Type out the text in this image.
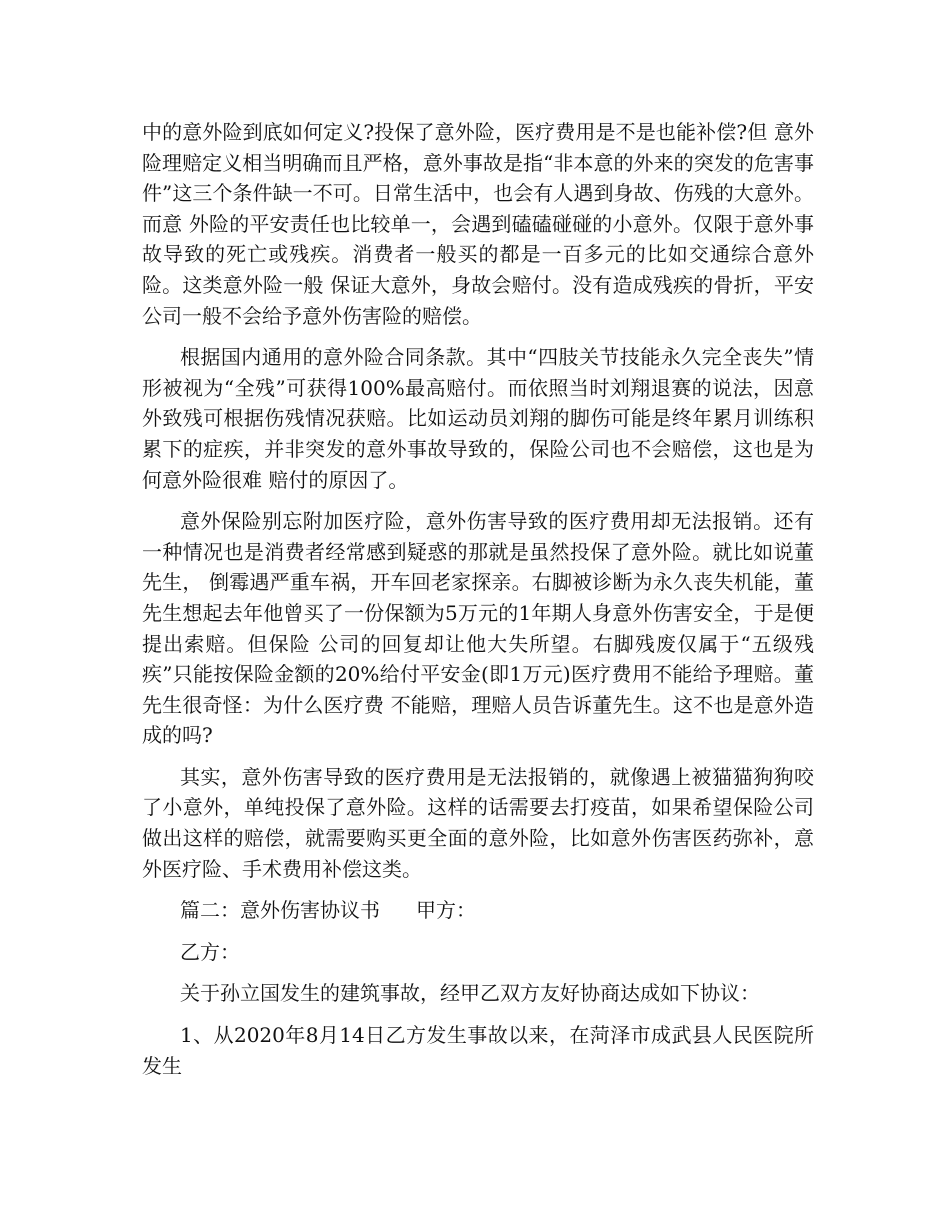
中的意外险到底如何定义?投保了意外险，医疗费用是不是也能补偿?但 意外险理赔定义相当明确而且严格，意外事故是指“非本意的外来的突发的危害事件”这三个条件缺一不可。日常生活中，也会有人遇到身故、伤残的大意外。而意 外险的平安责任也比较单一，会遇到磕磕碰碰的小意外。仅限于意外事故导致的死亡或残疾。消费者一般买的都是一百多元的比如交通综合意外险。这类意外险一般 保证大意外，身故会赔付。没有造成残疾的骨折，平安公司一般不会给予意外伤害险的赔偿。

根据国内通用的意外险合同条款。其中“四肢关节技能永久完全丧失”情形被视为“全残”可获得100%最高赔付。而依照当时刘翔退赛的说法，因意 外致残可根据伤残情况获赔。比如运动员刘翔的脚伤可能是终年累月训练积累下的症疾，并非突发的意外事故导致的，保险公司也不会赔偿，这也是为何意外险很难 赔付的原因了。

意外保险别忘附加医疗险，意外伤害导致的医疗费用却无法报销。还有一种情况也是消费者经常感到疑惑的那就是虽然投保了意外险。就比如说董先生， 倒霉遇严重车祸，开车回老家探亲。右脚被诊断为永久丧失机能，董先生想起去年他曾买了一份保额为5万元的1年期人身意外伤害安全，于是便提出索赔。但保险 公司的回复却让他大失所望。右脚残废仅属于“五级残疾”只能按保险金额的20%给付平安金(即1万元)医疗费用不能给予理赔。董先生很奇怪：为什么医疗费 不能赔，理赔人员告诉董先生。这不也是意外造成的吗?

其实，意外伤害导致的医疗费用是无法报销的，就像遇上被猫猫狗狗咬了小意外，单纯投保了意外险。这样的话需要去打疫苗，如果希望保险公司做出这样的赔偿，就需要购买更全面的意外险，比如意外伤害医药弥补，意外医疗险、手术费用补偿这类。

篇二：意外伤害协议书 甲方：

乙方：

关于孙立国发生的建筑事故，经甲乙双方友好协商达成如下协议：

1、从2020年8月14日乙方发生事故以来，在菏泽市成武县人民医院所发生
